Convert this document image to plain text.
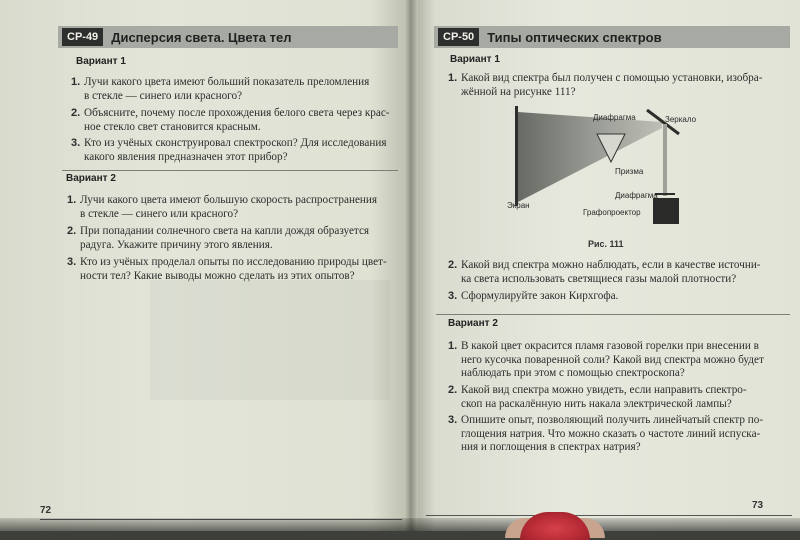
СР-49	Дисперсия света. Цвета тел
Вариант 1
1. Лучи какого цвета имеют больший показатель преломления
в стекле — синего или красного?
2. Объясните, почему после прохождения белого света через крас-
ное стекло свет становится красным.
3. Кто из учёных сконструировал спектроскоп? Для исследования
какого явления предназначен этот прибор?
Вариант 2
1. Лучи какого цвета имеют большую скорость распространения
в стекле — синего или красного?
2. При попадании солнечного света на капли дождя образуется
радуга. Укажите причину этого явления.
3. Кто из учёных проделал опыты по исследованию природы цвет-
ности тел? Какие выводы можно сделать из этих опытов?
72
СР-50	Типы оптических спектров
Вариант 1
1. Какой вид спектра был получен с помощью установки, изобра-
жённой на рисунке 111?
Диафрагма	Зеркало
Призма
Диафрагма
Экран
Графопроектор
Рис. 111
2. Какой вид спектра можно наблюдать, если в качестве источни-
ка света использовать светящиеся газы малой плотности?
3. Сформулируйте закон Кирхгофа.
Вариант 2
1. В какой цвет окрасится пламя газовой горелки при внесении в
него кусочка поваренной соли? Какой вид спектра можно будет
наблюдать при этом с помощью спектроскопа?
2. Какой вид спектра можно увидеть, если направить спектро-
скоп на раскалённую нить накала электрической лампы?
3. Опишите опыт, позволяющий получить линейчатый спектр по-
глощения натрия. Что можно сказать о частоте линий испуска-
ния и поглощения в спектрах натрия?
73
